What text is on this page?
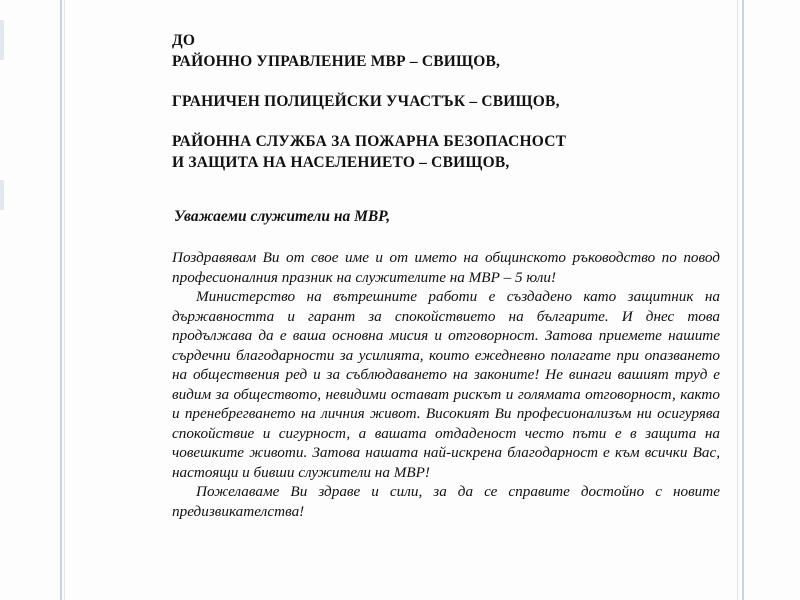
ДО
РАЙОННО УПРАВЛЕНИЕ МВР – СВИЩОВ,
ГРАНИЧЕН ПОЛИЦЕЙСКИ УЧАСТЪК – СВИЩОВ,
РАЙОННА СЛУЖБА ЗА ПОЖАРНА БЕЗОПАСНОСТ
И ЗАЩИТА НА НАСЕЛЕНИЕТО – СВИЩОВ,
Уважаеми служители на МВР,

Поздравявам Ви от свое име и от името на общинското ръководство по повод професионалния празник на служителите на МВР – 5 юли!

Министерство на вътрешните работи е създадено като защитник на държавността и гарант за спокойствието на българите. И днес това продължава да е ваша основна мисия и отговорност. Затова приемете нашите сърдечни благодарности за усилията, които ежедневно полагате при опазването на обществения ред и за съблюдаването на законите! Не винаги вашият труд е видим за обществото, невидими остават рискът и голямата отговорност, както и пренебрегването на личния живот. Високият Ви професионализъм ни осигурява спокойствие и сигурност, а вашата отдаденост често пъти е в защита на човешките животи. Затова нашата най-искрена благодарност е към всички Вас, настоящи и бивши служители на МВР!

Пожелаваме Ви здраве и сили, за да се справите достойно с новите предизвикателства!
